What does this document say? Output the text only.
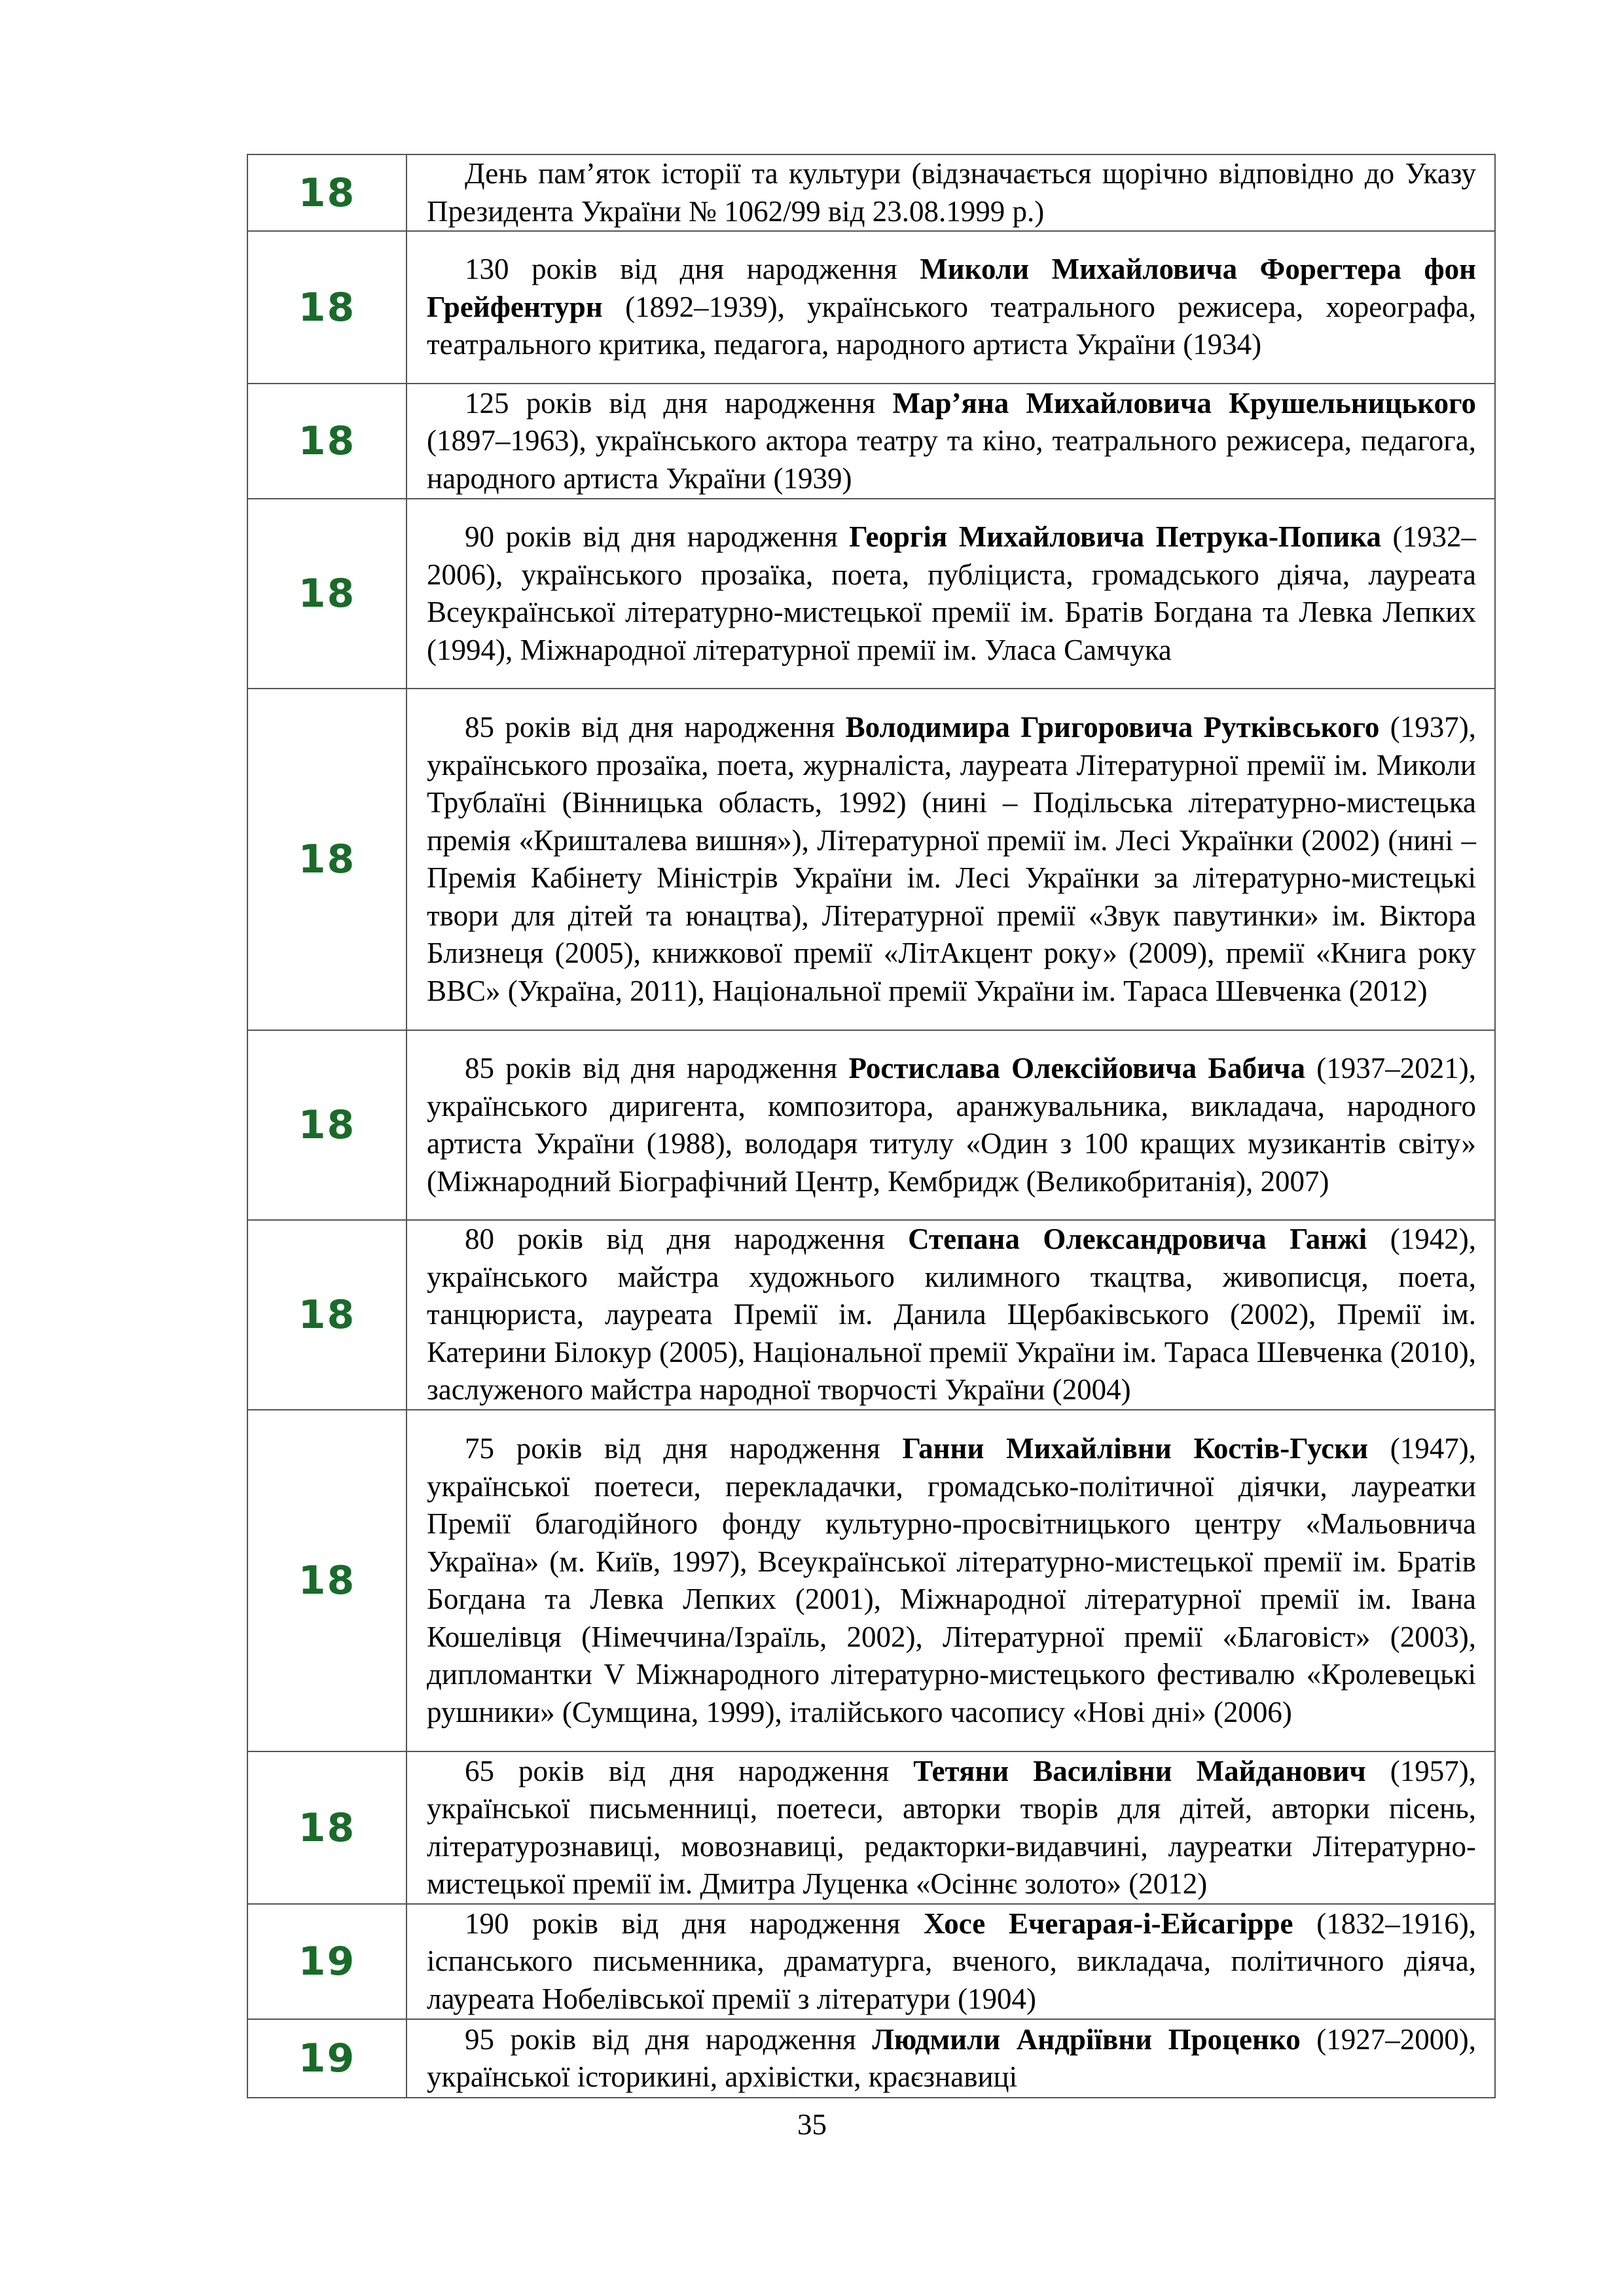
18	День пам’яток історії та культури (відзначається щорічно відповідно до Указу Президента України № 1062/99 від 23.08.1999 р.)

18	130 років від дня народження Миколи Михайловича Форегтера фон Грейфентурн (1892–1939), українського театрального режисера, хореографа, театрального критика, педагога, народного артиста України (1934)

18	125 років від дня народження Мар’яна Михайловича Крушельницького (1897–1963), українського актора театру та кіно, театрального режисера, педагога, народного артиста України (1939)

18	90 років від дня народження Георгія Михайловича Петрука-Попика (1932–2006), українського прозаїка, поета, публіциста, громадського діяча, лауреата Всеукраїнської літературно-мистецької премії ім. Братів Богдана та Левка Лепких (1994), Міжнародної літературної премії ім. Уласа Самчука

18	85 років від дня народження Володимира Григоровича Рутківського (1937), українського прозаїка, поета, журналіста, лауреата Літературної премії ім. Миколи Трублаїні (Вінницька область, 1992) (нині – Подільська літературно-мистецька премія «Кришталева вишня»), Літературної премії ім. Лесі Українки (2002) (нині – Премія Кабінету Міністрів України ім. Лесі Українки за літературно-мистецькі твори для дітей та юнацтва), Літературної премії «Звук павутинки» ім. Віктора Близнеця (2005), книжкової премії «ЛітАкцент року» (2009), премії «Книга року ВВС» (Україна, 2011), Національної премії України ім. Тараса Шевченка (2012)

18	85 років від дня народження Ростислава Олексійовича Бабича (1937–2021), українського диригента, композитора, аранжувальника, викладача, народного артиста України (1988), володаря титулу «Один з 100 кращих музикантів світу» (Міжнародний Біографічний Центр, Кембридж (Великобританія), 2007)

18	80 років від дня народження Степана Олександровича Ганжі (1942), українського майстра художнього килимного ткацтва, живописця, поета, танцюриста, лауреата Премії ім. Данила Щербаківського (2002), Премії ім. Катерини Білокур (2005), Національної премії України ім. Тараса Шевченка (2010), заслуженого майстра народної творчості України (2004)

18	75 років від дня народження Ганни Михайлівни Костів-Гуски (1947), української поетеси, перекладачки, громадсько-політичної діячки, лауреатки Премії благодійного фонду культурно-просвітницького центру «Мальовнича Україна» (м. Київ, 1997), Всеукраїнської літературно-мистецької премії ім. Братів Богдана та Левка Лепких (2001), Міжнародної літературної премії ім. Івана Кошелівця (Німеччина/Ізраїль, 2002), Літературної премії «Благовіст» (2003), дипломантки V Міжнародного літературно-мистецького фестивалю «Кролевецькі рушники» (Сумщина, 1999), італійського часопису «Нові дні» (2006)

18	65 років від дня народження Тетяни Василівни Майданович (1957), української письменниці, поетеси, авторки творів для дітей, авторки пісень, літературознавиці, мовознавиці, редакторки-видавчині, лауреатки Літературно-мистецької премії ім. Дмитра Луценка «Осіннє золото» (2012)

19	190 років від дня народження Хосе Ечегарая-і-Ейсагірре (1832–1916), іспанського письменника, драматурга, вченого, викладача, політичного діяча, лауреата Нобелівської премії з літератури (1904)

19	95 років від дня народження Людмили Андріївни Проценко (1927–2000), української історикині, архівістки, краєзнавиці

35
